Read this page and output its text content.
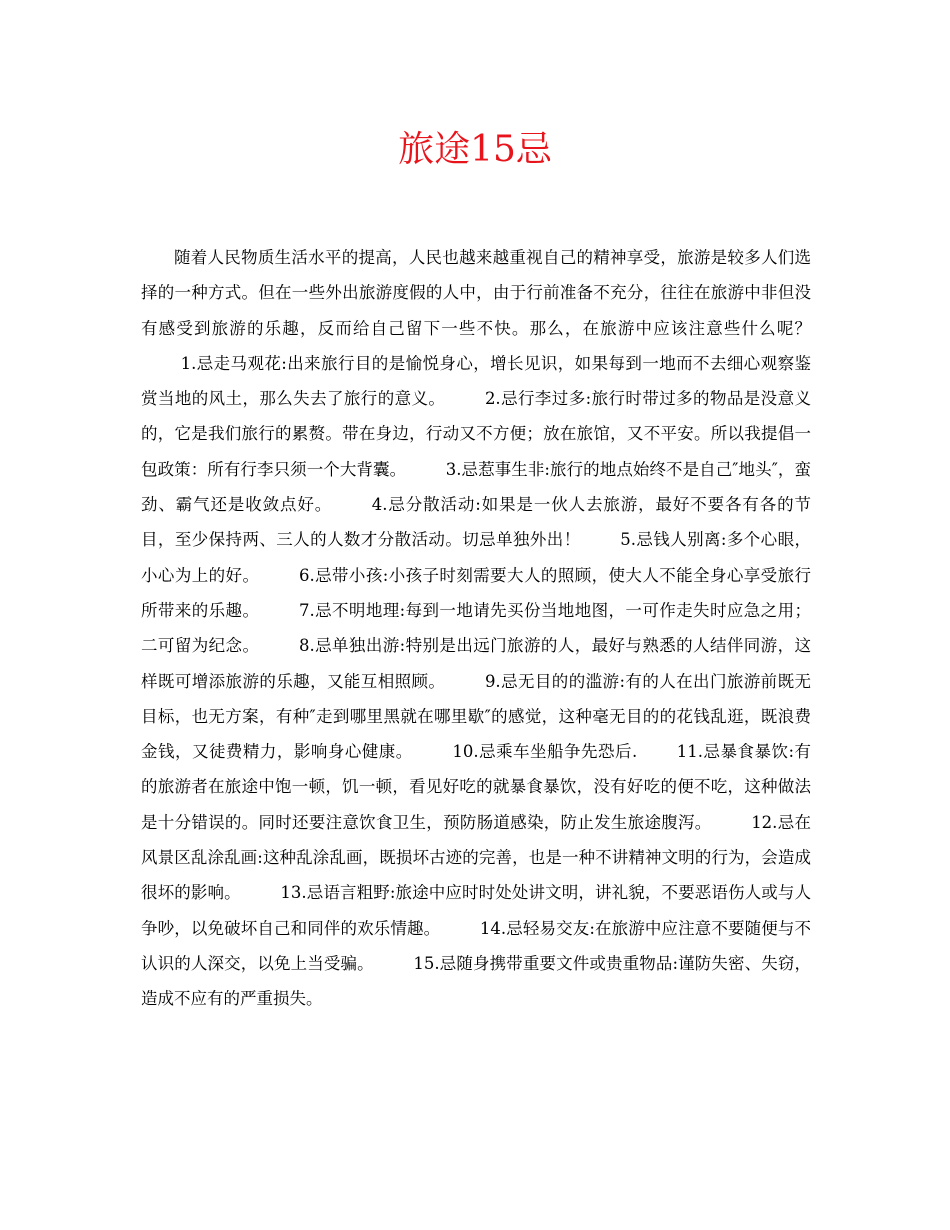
旅途15忌

随着人民物质生活水平的提高，人民也越来越重视自己的精神享受，旅游是较多人们选择的一种方式。但在一些外出旅游度假的人中，由于行前准备不充分，往往在旅游中非但没有感受到旅游的乐趣，反而给自己留下一些不快。那么，在旅游中应该注意些什么呢？1.忌走马观花:出来旅行目的是愉悦身心，增长见识，如果每到一地而不去细心观察鉴赏当地的风土，那么失去了旅行的意义。 2.忌行李过多:旅行时带过多的物品是没意义的，它是我们旅行的累赘。带在身边，行动又不方便；放在旅馆，又不平安。所以我提倡一包政策：所有行李只须一个大背囊。 3.忌惹事生非:旅行的地点始终不是自己″地头″，蛮劲、霸气还是收敛点好。 4.忌分散活动:如果是一伙人去旅游，最好不要各有各的节目，至少保持两、三人的人数才分散活动。切忌单独外出！ 5.忌钱人别离:多个心眼，小心为上的好。 6.忌带小孩:小孩子时刻需要大人的照顾，使大人不能全身心享受旅行所带来的乐趣。 7.忌不明地理:每到一地请先买份当地地图，一可作走失时应急之用；二可留为纪念。 8.忌单独出游:特别是出远门旅游的人，最好与熟悉的人结伴同游，这样既可增添旅游的乐趣，又能互相照顾。 9.忌无目的的滥游:有的人在出门旅游前既无目标，也无方案，有种″走到哪里黑就在哪里歇″的感觉，这种毫无目的的花钱乱逛，既浪费金钱，又徒费精力，影响身心健康。 10.忌乘车坐船争先恐后. 11.忌暴食暴饮:有的旅游者在旅途中饱一顿，饥一顿，看见好吃的就暴食暴饮，没有好吃的便不吃，这种做法是十分错误的。同时还要注意饮食卫生，预防肠道感染，防止发生旅途腹泻。 12.忌在风景区乱涂乱画:这种乱涂乱画，既损坏古迹的完善，也是一种不讲精神文明的行为，会造成很坏的影响。 13.忌语言粗野:旅途中应时时处处讲文明，讲礼貌，不要恶语伤人或与人争吵，以免破坏自己和同伴的欢乐情趣。 14.忌轻易交友:在旅游中应注意不要随便与不认识的人深交，以免上当受骗。 15.忌随身携带重要文件或贵重物品:谨防失密、失窃，造成不应有的严重损失。
